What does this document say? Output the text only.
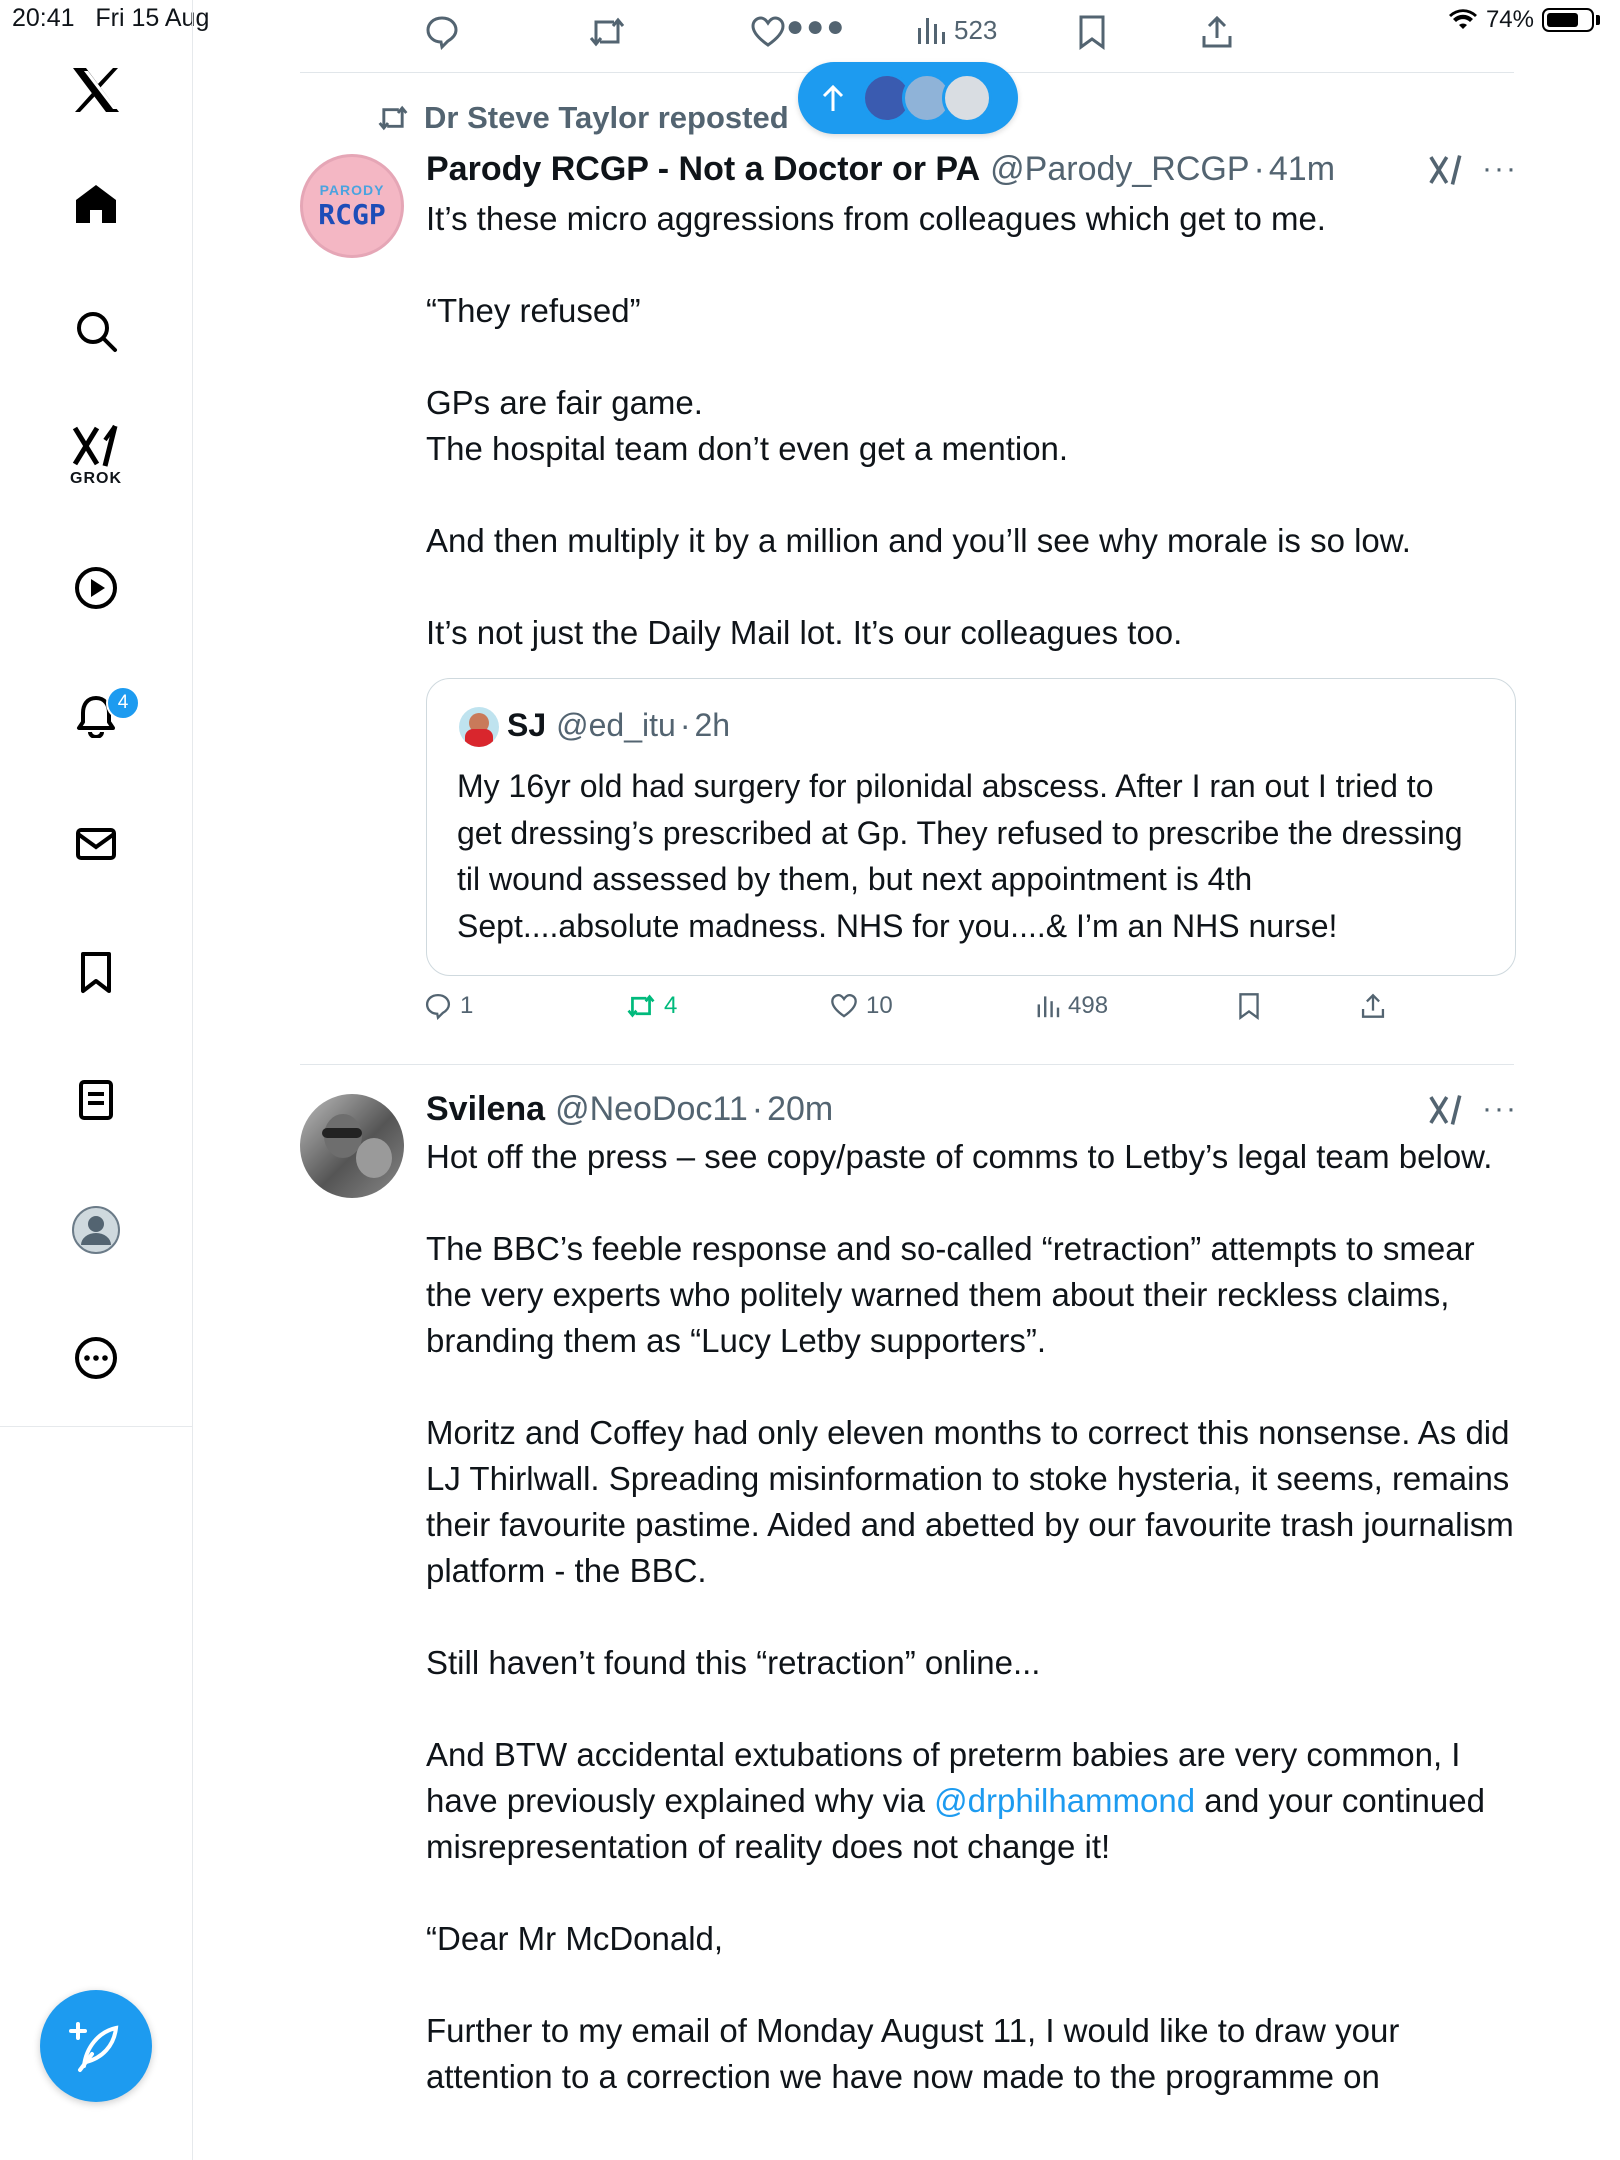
20:41 Fri 15 Aug	74%
GROK
4
●●●	523
Dr Steve Taylor reposted
PARODY
RCGP
Parody RCGP - Not a Doctor or PA @Parody_RCGP · 41m	···

It’s these micro aggressions from colleagues which get to me.

“They refused”

GPs are fair game.
The hospital team don’t even get a mention.

And then multiply it by a million and you’ll see why morale is so low.

It’s not just the Daily Mail lot. It’s our colleagues too.

SJ @ed_itu · 2h
My 16yr old had surgery for pilonidal abscess. After I ran out I tried to get dressing’s prescribed at Gp. They refused to prescribe the dressing til wound assessed by them, but next appointment is 4th Sept....absolute madness. NHS for you....& I’m an NHS nurse!
1	4	10	498
Svilena @NeoDoc11 · 20m	···

Hot off the press – see copy/paste of comms to Letby’s legal team below.

The BBC’s feeble response and so-called “retraction” attempts to smear the very experts who politely warned them about their reckless claims, branding them as “Lucy Letby supporters”.

Moritz and Coffey had only eleven months to correct this nonsense. As did LJ Thirlwall. Spreading misinformation to stoke hysteria, it seems, remains their favourite pastime. Aided and abetted by our favourite trash journalism platform - the BBC.

Still haven’t found this “retraction” online...

And BTW accidental extubations of preterm babies are very common, I have previously explained why via @drphilhammond and your continued misrepresentation of reality does not change it!

“Dear Mr McDonald,

Further to my email of Monday August 11, I would like to draw your attention to a correction we have now made to the programme on
